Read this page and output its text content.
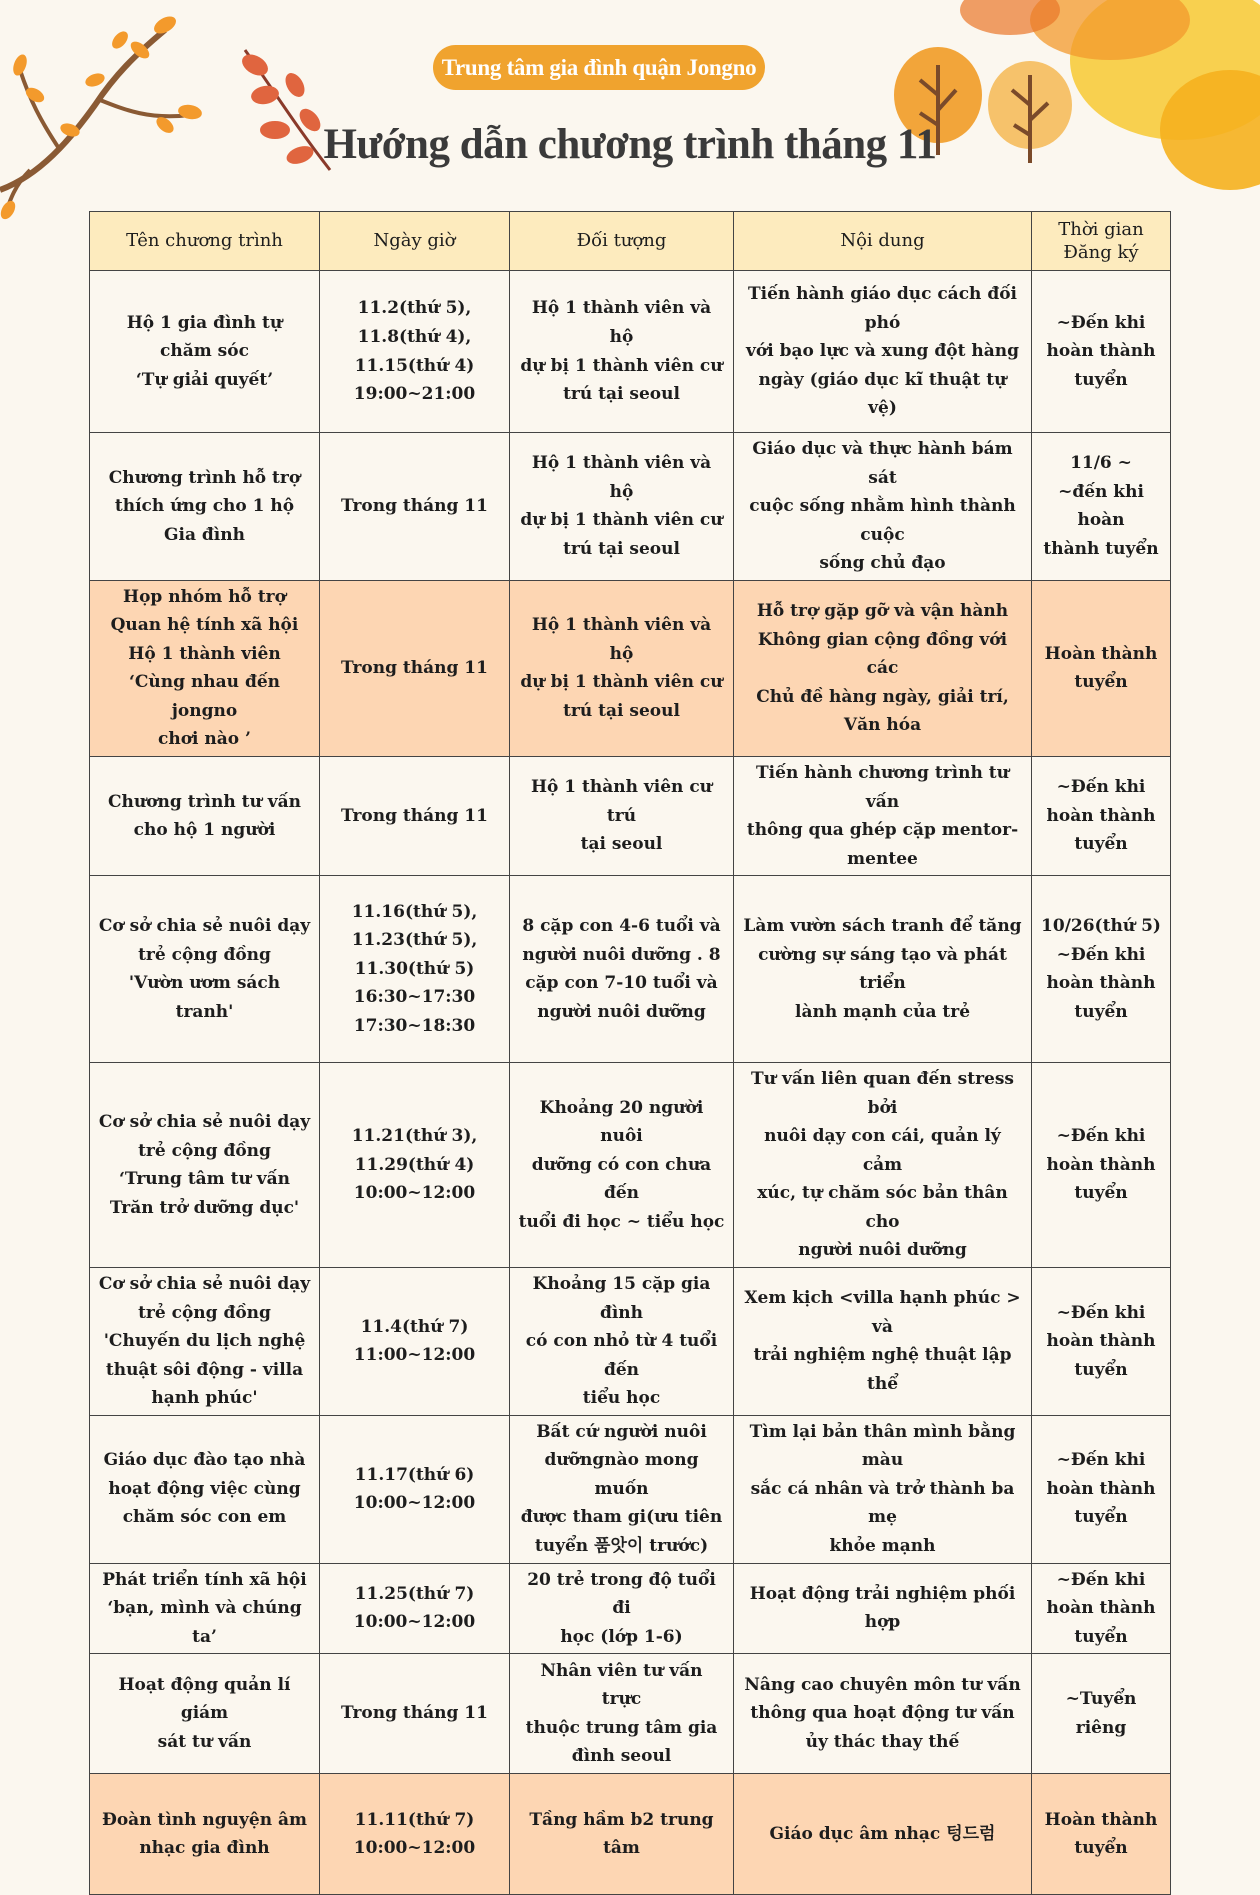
Trung tâm gia đình quận Jongno
Hướng dẫn chương trình tháng 11
Tên chương trình	Ngày giờ	Đối tượng	Nội dung	Thời gian
Đăng ký
Hộ 1 gia đình tự
chăm sóc
‘Tự giải quyết’	11.2(thứ 5),
11.8(thứ 4),
11.15(thứ 4)
19:00~21:00	Hộ 1 thành viên và hộ
dự bị 1 thành viên cư
trú tại seoul	Tiến hành giáo dục cách đối phó
với bạo lực và xung đột hàng
ngày (giáo dục kĩ thuật tự vệ)	~Đến khi
hoàn thành
tuyển
Chương trình hỗ trợ
thích ứng cho 1 hộ
Gia đình	Trong tháng 11	Hộ 1 thành viên và hộ
dự bị 1 thành viên cư
trú tại seoul	Giáo dục và thực hành bám sát
cuộc sống nhằm hình thành cuộc
sống chủ đạo	11/6 ~
~đến khi hoàn
thành tuyển
Họp nhóm hỗ trợ
Quan hệ tính xã hội
Hộ 1 thành viên
‘Cùng nhau đến jongno
chơi nào ’	Trong tháng 11	Hộ 1 thành viên và hộ
dự bị 1 thành viên cư
trú tại seoul	Hỗ trợ gặp gỡ và vận hành
Không gian cộng đồng với các
Chủ đề hàng ngày, giải trí,
Văn hóa	Hoàn thành
tuyển
Chương trình tư vấn
cho hộ 1 người	Trong tháng 11	Hộ 1 thành viên cư trú
tại seoul	Tiến hành chương trình tư vấn
thông qua ghép cặp mentor-
mentee	~Đến khi
hoàn thành
tuyển
Cơ sở chia sẻ nuôi dạy
trẻ cộng đồng
'Vườn ươm sách tranh'	11.16(thứ 5),
11.23(thứ 5),
11.30(thứ 5)
16:30~17:30
17:30~18:30	8 cặp con 4-6 tuổi và
người nuôi dưỡng . 8
cặp con 7-10 tuổi và
người nuôi dưỡng	Làm vườn sách tranh để tăng
cường sự sáng tạo và phát triển
lành mạnh của trẻ	10/26(thứ 5)
~Đến khi
hoàn thành
tuyển
Cơ sở chia sẻ nuôi dạy
trẻ cộng đồng
‘Trung tâm tư vấn
Trăn trở dưỡng dục'	11.21(thứ 3),
11.29(thứ 4)
10:00~12:00	Khoảng 20 người nuôi
dưỡng có con chưa đến
tuổi đi học ~ tiểu học	Tư vấn liên quan đến stress bởi
nuôi dạy con cái, quản lý cảm
xúc, tự chăm sóc bản thân cho
người nuôi dưỡng	~Đến khi
hoàn thành
tuyển
Cơ sở chia sẻ nuôi dạy
trẻ cộng đồng
'Chuyến du lịch nghệ
thuật sôi động - villa
hạnh phúc'	11.4(thứ 7)
11:00~12:00	Khoảng 15 cặp gia đình
có con nhỏ từ 4 tuổi đến
tiểu học	Xem kịch <villa hạnh phúc > và
trải nghiệm nghệ thuật lập thể	~Đến khi
hoàn thành
tuyển
Giáo dục đào tạo nhà
hoạt động việc cùng
chăm sóc con em	11.17(thứ 6)
10:00~12:00	Bất cứ người nuôi
dưỡngnào mong muốn
được tham gi(ưu tiên
tuyển 품앗이 trước)	Tìm lại bản thân mình bằng màu
sắc cá nhân và trở thành ba mẹ
khỏe mạnh	~Đến khi
hoàn thành
tuyển
Phát triển tính xã hội
‘bạn, mình và chúng ta’	11.25(thứ 7)
10:00~12:00	20 trẻ trong độ tuổi đi
học (lớp 1-6)	Hoạt động trải nghiệm phối hợp	~Đến khi
hoàn thành
tuyển
Hoạt động quản lí giám
sát tư vấn	Trong tháng 11	Nhân viên tư vấn trực
thuộc trung tâm gia
đình seoul	Nâng cao chuyên môn tư vấn
thông qua hoạt động tư vấn
ủy thác thay thế	~Tuyển riêng
Đoàn tình nguyện âm
nhạc gia đình	11.11(thứ 7)
10:00~12:00	Tầng hầm b2 trung tâm	Giáo dục âm nhạc 텅드럼	Hoàn thành
tuyển
